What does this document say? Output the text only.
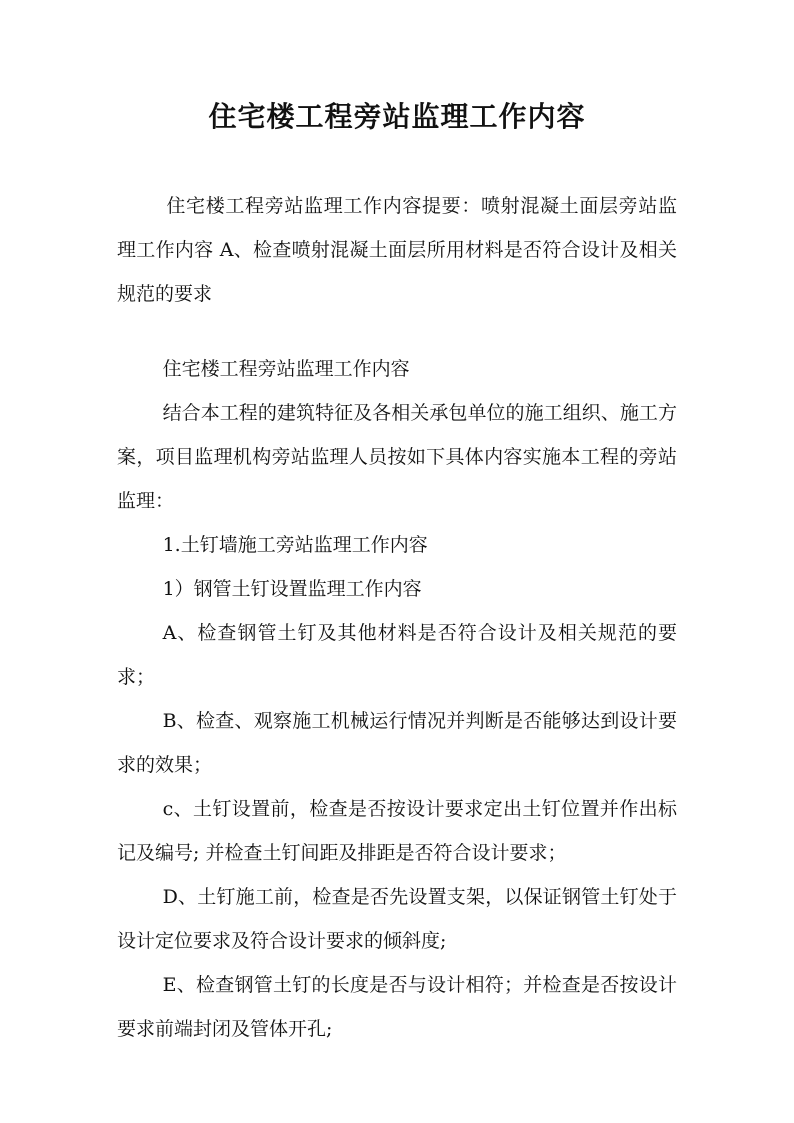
住宅楼工程旁站监理工作内容

住宅楼工程旁站监理工作内容提要：喷射混凝土面层旁站监理工作内容 A、检查喷射混凝土面层所用材料是否符合设计及相关规范的要求

住宅楼工程旁站监理工作内容

结合本工程的建筑特征及各相关承包单位的施工组织、施工方案，项目监理机构旁站监理人员按如下具体内容实施本工程的旁站监理：

1.土钉墙施工旁站监理工作内容

1）钢管土钉设置监理工作内容

A、检查钢管土钉及其他材料是否符合设计及相关规范的要求；

B、检查、观察施工机械运行情况并判断是否能够达到设计要求的效果；

c、土钉设置前，检查是否按设计要求定出土钉位置并作出标记及编号; 并检查土钉间距及排距是否符合设计要求；

D、土钉施工前，检查是否先设置支架，以保证钢管土钉处于设计定位要求及符合设计要求的倾斜度;

E、检查钢管土钉的长度是否与设计相符；并检查是否按设计要求前端封闭及管体开孔;
